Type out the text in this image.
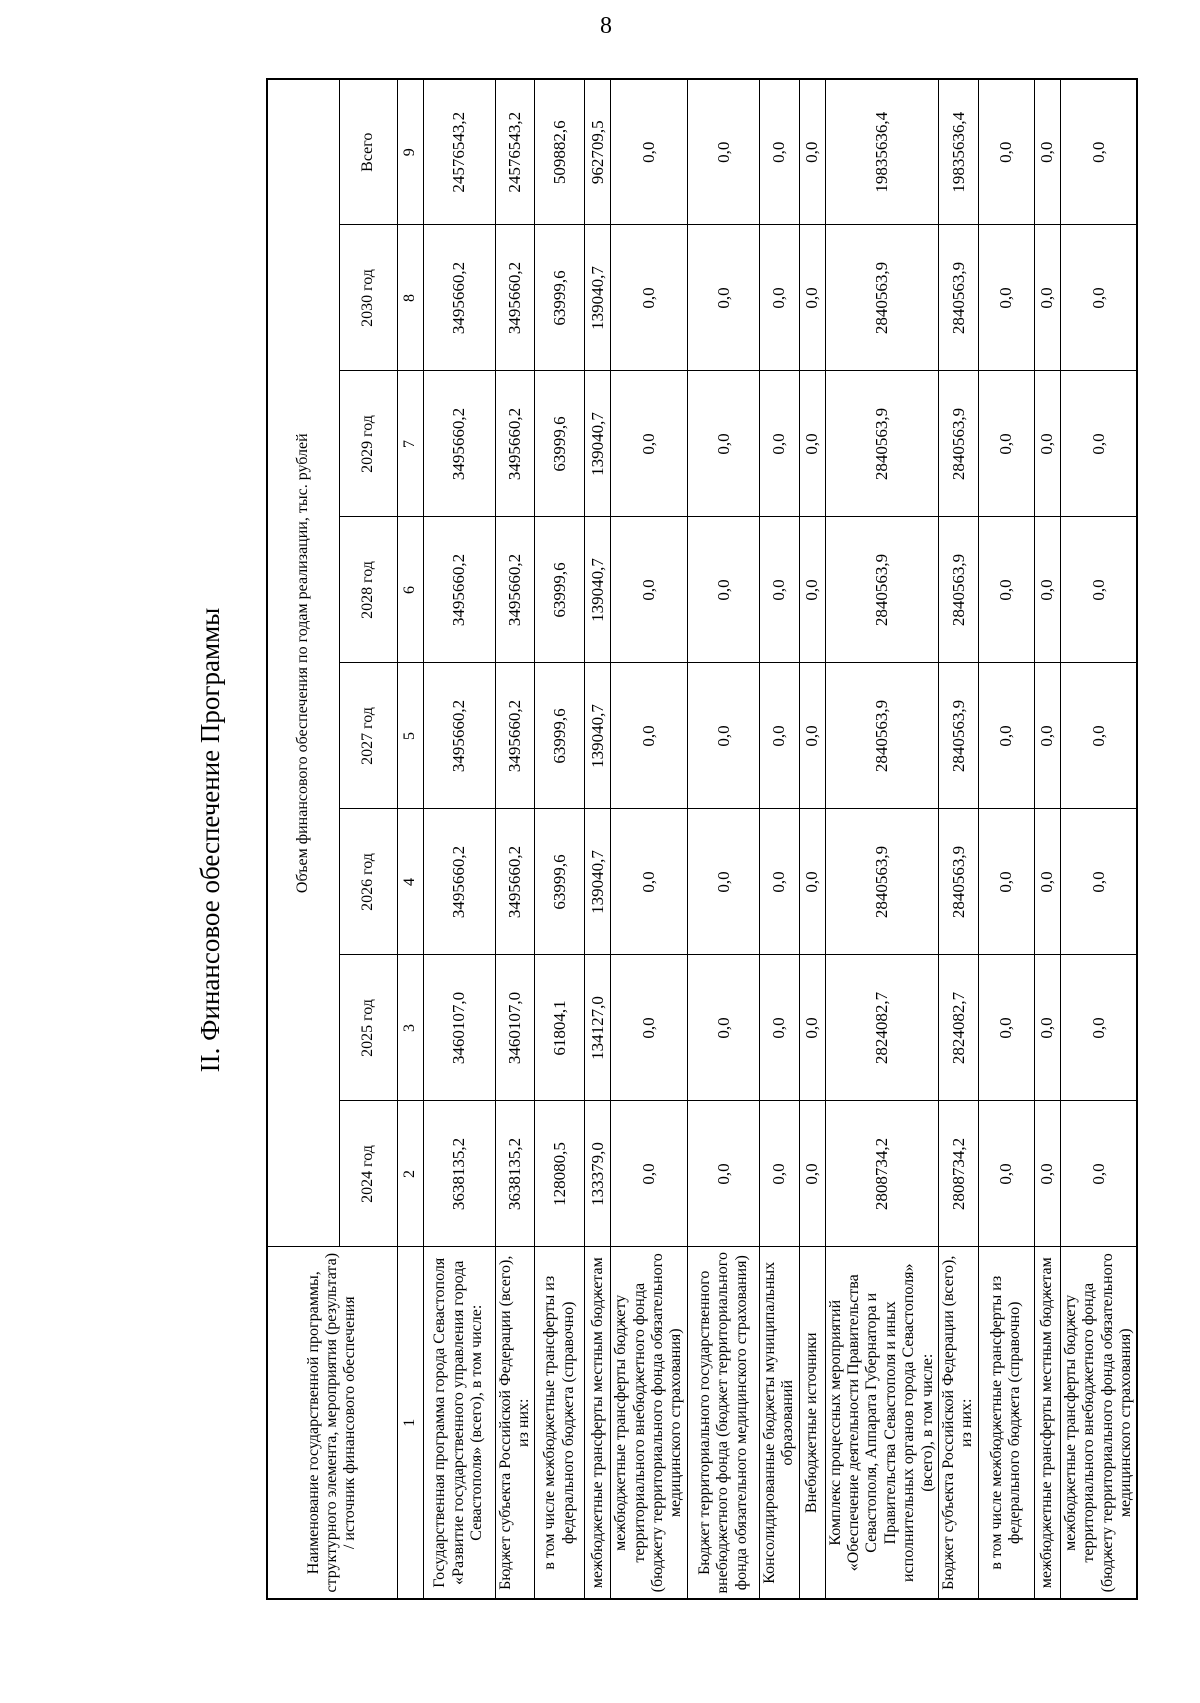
8
II. Финансовое обеспечение Программы
Наименование государственной программы, структурного элемента, мероприятия (результата) / источник финансового обеспечения	Объем финансового обеспечения по годам реализации, тыс. рублей							
	2024 год	2025 год	2026 год	2027 год	2028 год	2029 год	2030 год	Всего
1	2	3	4	5	6	7	8	9
Государственная программа города Севастополя «Развитие государственного управления города Севастополя» (всего), в том числе:	3638135,2	3460107,0	3495660,2	3495660,2	3495660,2	3495660,2	3495660,2	24576543,2
Бюджет субъекта Российской Федерации (всего), из них:	3638135,2	3460107,0	3495660,2	3495660,2	3495660,2	3495660,2	3495660,2	24576543,2
в том числе межбюджетные трансферты из федерального бюджета (справочно)	128080,5	61804,1	63999,6	63999,6	63999,6	63999,6	63999,6	509882,6
межбюджетные трансферты местным бюджетам	133379,0	134127,0	139040,7	139040,7	139040,7	139040,7	139040,7	962709,5
межбюджетные трансферты бюджету территориального внебюджетного фонда (бюджету территориального фонда обязательного медицинского страхования)	0,0	0,0	0,0	0,0	0,0	0,0	0,0	0,0
Бюджет территориального государственного внебюджетного фонда (бюджет территориального фонда обязательного медицинского страхования)	0,0	0,0	0,0	0,0	0,0	0,0	0,0	0,0
Консолидированные бюджеты муниципальных образований	0,0	0,0	0,0	0,0	0,0	0,0	0,0	0,0
Внебюджетные источники	0,0	0,0	0,0	0,0	0,0	0,0	0,0	0,0
Комплекс процессных мероприятий «Обеспечение деятельности Правительства Севастополя, Аппарата Губернатора и Правительства Севастополя и иных исполнительных органов города Севастополя» (всего), в том числе:	2808734,2	2824082,7	2840563,9	2840563,9	2840563,9	2840563,9	2840563,9	19835636,4
Бюджет субъекта Российской Федерации (всего), из них:	2808734,2	2824082,7	2840563,9	2840563,9	2840563,9	2840563,9	2840563,9	19835636,4
в том числе межбюджетные трансферты из федерального бюджета (справочно)	0,0	0,0	0,0	0,0	0,0	0,0	0,0	0,0
межбюджетные трансферты местным бюджетам	0,0	0,0	0,0	0,0	0,0	0,0	0,0	0,0
межбюджетные трансферты бюджету территориального внебюджетного фонда (бюджету территориального фонда обязательного медицинского страхования)	0,0	0,0	0,0	0,0	0,0	0,0	0,0	0,0
